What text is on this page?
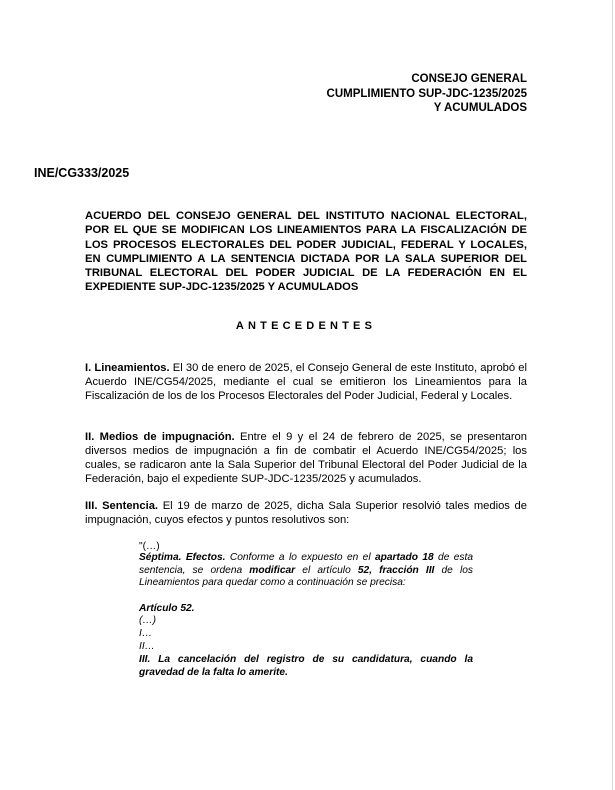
CONSEJO GENERAL
CUMPLIMIENTO SUP-JDC-1235/2025
Y ACUMULADOS
INE/CG333/2025
ACUERDO DEL CONSEJO GENERAL DEL INSTITUTO NACIONAL ELECTORAL, POR EL QUE SE MODIFICAN LOS LINEAMIENTOS PARA LA FISCALIZACIÓN DE LOS PROCESOS ELECTORALES DEL PODER JUDICIAL, FEDERAL Y LOCALES, EN CUMPLIMIENTO A LA SENTENCIA DICTADA POR LA SALA SUPERIOR DEL TRIBUNAL ELECTORAL DEL PODER JUDICIAL DE LA FEDERACIÓN EN EL EXPEDIENTE SUP-JDC-1235/2025 Y ACUMULADOS
ANTECEDENTES
I. Lineamientos. El 30 de enero de 2025, el Consejo General de este Instituto, aprobó el Acuerdo INE/CG54/2025, mediante el cual se emitieron los Lineamientos para la Fiscalización de los de los Procesos Electorales del Poder Judicial, Federal y Locales.
II. Medios de impugnación. Entre el 9 y el 24 de febrero de 2025, se presentaron diversos medios de impugnación a fin de combatir el Acuerdo INE/CG54/2025; los cuales, se radicaron ante la Sala Superior del Tribunal Electoral del Poder Judicial de la Federación, bajo el expediente SUP-JDC-1235/2025 y acumulados.
III. Sentencia. El 19 de marzo de 2025, dicha Sala Superior resolvió tales medios de impugnación, cuyos efectos y puntos resolutivos son:
"(…)
Séptima. Efectos. Conforme a lo expuesto en el apartado 18 de esta sentencia, se ordena modificar el artículo 52, fracción III de los Lineamientos para quedar como a continuación se precisa:
Artículo 52.
(…)
I…
II…
III. La cancelación del registro de su candidatura, cuando la gravedad de la falta lo amerite.
